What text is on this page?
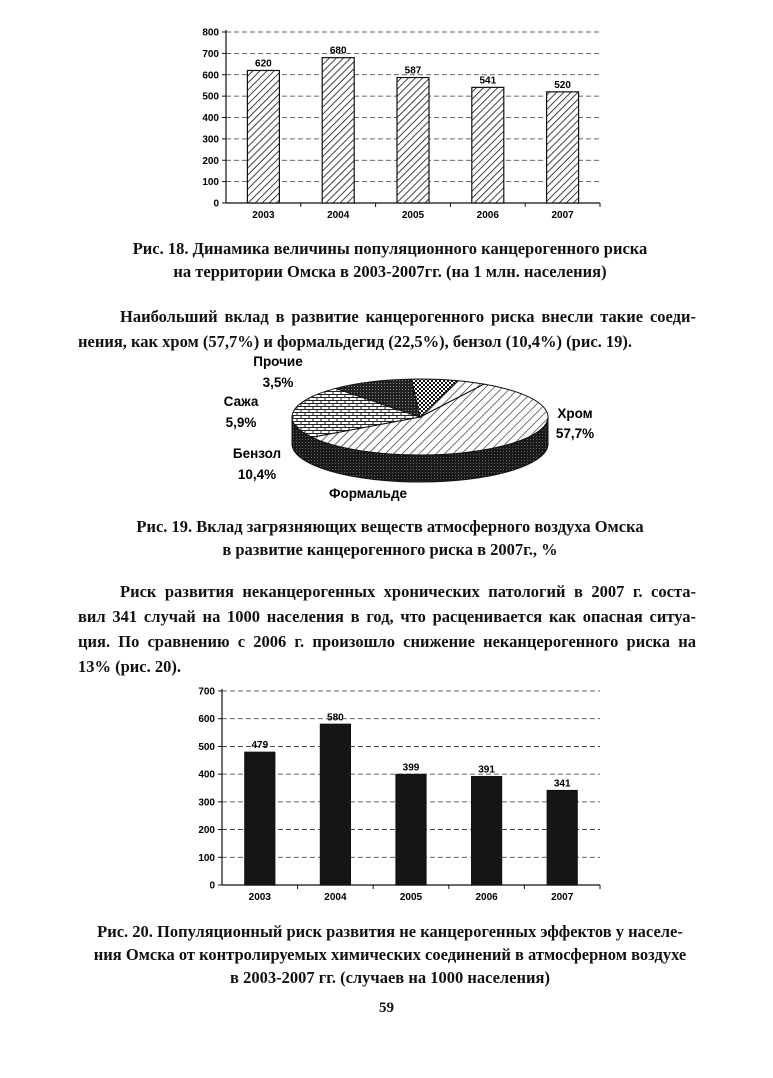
0
100
200
300
400
500
600
700
800
620
2003
680
2004
587
2005
541
2006
520
2007
Рис. 18. Динамика величины популяционного канцерогенного риска
на территории Омска в 2003-2007гг. (на 1 млн. населения)
Наибольший вклад в развитие канцерогенного риска внесли такие соеди-
нения, как хром (57,7%) и формальдегид (22,5%), бензол (10,4%) (рис. 19).
Хром
57,7%
Формальде
Бензол
10,4%
Сажа
5,9%
Прочие
3,5%
Рис. 19. Вклад загрязняющих веществ атмосферного воздуха Омска
в развитие канцерогенного риска в 2007г., %
Риск развития неканцерогенных хронических патологий в 2007 г. соста-
вил 341 случай на 1000 населения в год, что расценивается как опасная ситуа-
ция. По сравнению с 2006 г. произошло снижение неканцерогенного риска на
13% (рис. 20).
0
100
200
300
400
500
600
700
479
2003
580
2004
399
2005
391
2006
341
2007
Рис. 20. Популяционный риск развития не канцерогенных эффектов у населе-
ния Омска от контролируемых химических соединений в атмосферном воздухе
в 2003-2007 гг. (случаев на 1000 населения)
59
